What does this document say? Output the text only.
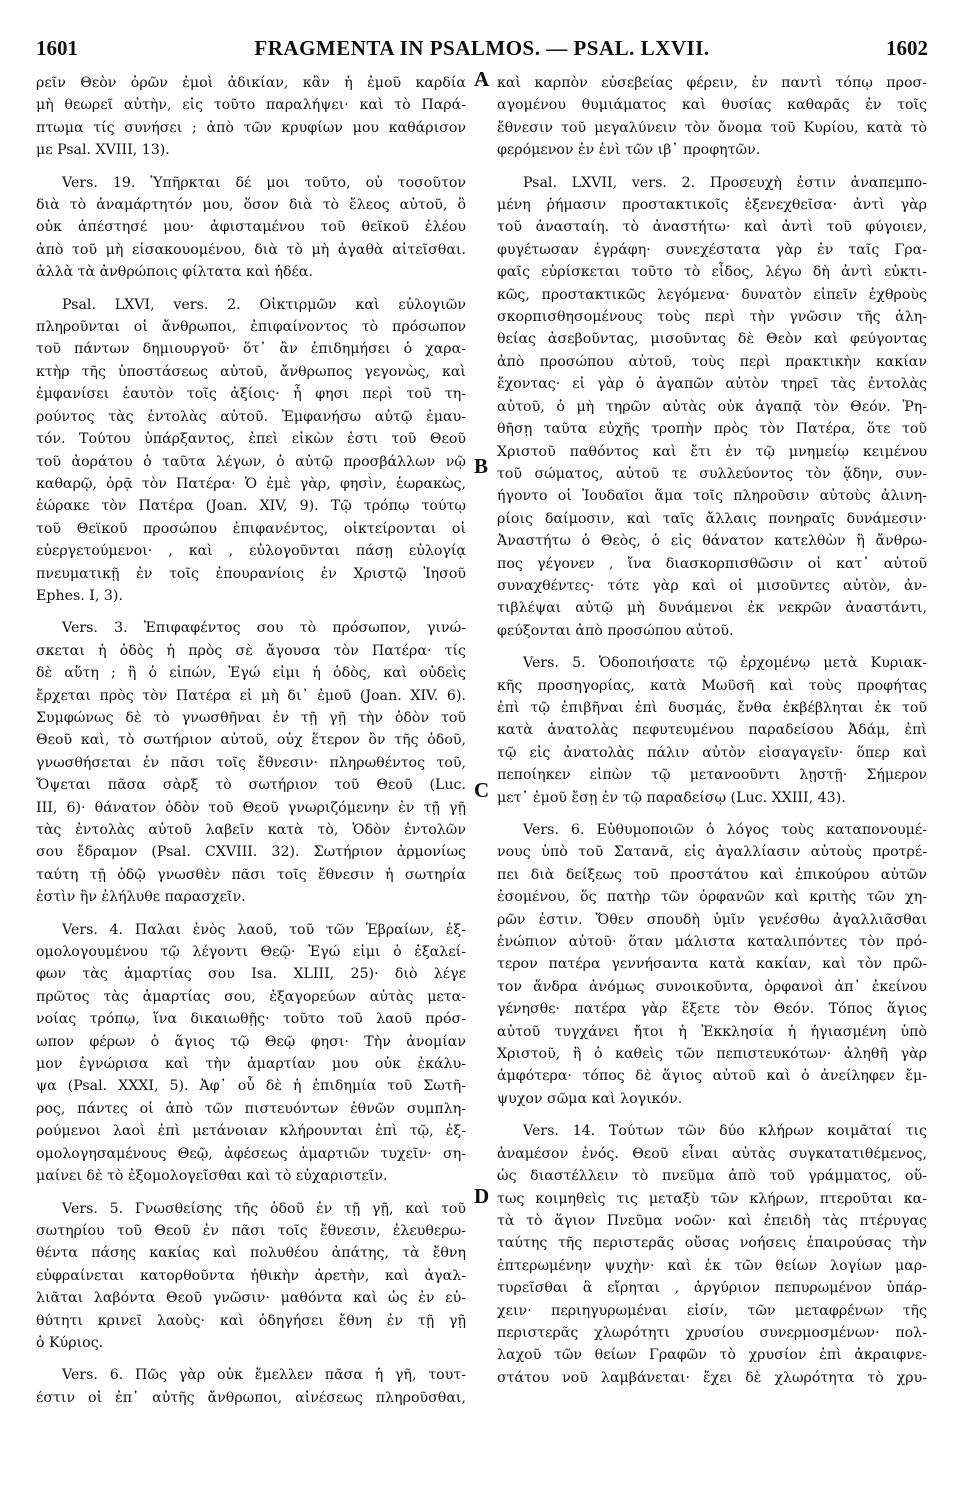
1601	FRAGMENTA IN PSALMOS. — PSAL. LXVII.	1602
ρεῖν Θεὸν ὀρῶν ἐμοὶ ἀδικίαν, κἂν ἡ ἐμοῦ καρδία
μὴ θεωρεῖ αὐτὴν, εἰς τοῦτο παραλήψει· καὶ τὸ Παρά-
πτωμα τίς συνήσει ; ἀπὸ τῶν κρυφίων μου καθάρισον
με Psal. XVIII, 13).
Vers. 19. Ὑπῆρκται δέ μοι τοῦτο, οὐ τοσοῦτον
διὰ τὸ ἀναμάρτητόν μου, ὅσον διὰ τὸ ἔλεος αὐτοῦ, ὃ
οὐκ ἀπέστησέ μου· ἀφισταμένου τοῦ θεϊκοῦ ἐλέου
ἀπὸ τοῦ μὴ εἰσακουομένου, διὰ τὸ μὴ ἀγαθὰ αἰτεῖσθαι.
ἀλλὰ τὰ ἀνθρώποις φίλτατα καὶ ἡδέα.
Psal. LXVI, vers. 2. Οἰκτιρμῶν καὶ εὐλογιῶν
πληροῦνται οἱ ἄνθρωποι, ἐπιφαίνοντος τὸ πρόσωπον
τοῦ πάντων δημιουργοῦ· ὅτ᾽ ἂν ἐπιδημήσει ὁ χαρα-
κτὴρ τῆς ὑποστάσεως αὐτοῦ, ἄνθρωπος γεγονὼς, καὶ
ἐμφανίσει ἑαυτὸν τοῖς ἀξίοις· ἧ φησι περὶ τοῦ τη-
ρούντος τὰς ἐντολὰς αὐτοῦ. Ἐμφανήσω αὐτῷ ἐμαυ-
τόν. Τούτου ὑπάρξαντος, ἐπεὶ εἰκὼν ἐστι τοῦ Θεοῦ
τοῦ ἀοράτου ὁ ταῦτα λέγων, ὁ αὐτῷ προσβάλλων νῷ
καθαρῷ, ὁρᾷ τὸν Πατέρα· Ὁ ἐμὲ γὰρ, φησὶν, ἑωρακὼς,
ἑώρακε τὸν Πατέρα (Joan. XIV, 9). Τῷ τρόπῳ τούτῳ
τοῦ Θεϊκοῦ προσώπου ἐπιφανέντος, οἰκτείρονται οἱ
εὐεργετούμενοι· , καὶ , εὐλογοῦνται πάσῃ εὐλογίᾳ
πνευματικῇ ἐν τοῖς ἐπουρανίοις ἐν Χριστῷ Ἰησοῦ
Ephes. I, 3).
Vers. 3. Ἐπιφαφέντος σου τὸ πρόσωπον, γινώ-
σκεται ἡ ὁδὸς ἡ πρὸς σὲ ἄγουσα τὸν Πατέρα· τίς
δὲ αὕτη ; ἢ ὁ εἰπών, Ἐγώ εἰμι ἡ ὁδὸς, καὶ οὐδεὶς
ἔρχεται πρὸς τὸν Πατέρα εἰ μὴ δι᾽ ἐμοῦ (Joan. XIV. 6).
Συμφώνως δὲ τὸ γνωσθῆναι ἐν τῇ γῇ τὴν ὁδὸν τοῦ
Θεοῦ καὶ, τὸ σωτήριον αὐτοῦ, οὐχ ἕτερον ὂν τῆς ὁδοῦ,
γνωσθήσεται ἐν πᾶσι τοῖς ἔθνεσιν· πληρωθέντος τοῦ,
Ὄψεται πᾶσα σὰρξ τὸ σωτήριον τοῦ Θεοῦ (Luc.
III, 6)· θάνατον ὁδὸν τοῦ Θεοῦ γνωριζόμενην ἐν τῇ γῇ
τὰς ἐντολὰς αὐτοῦ λαβεῖν κατὰ τὸ, Ὁδὸν ἐντολῶν
σου ἔδραμον (Psal. CXVIII. 32). Σωτήριον ἁρμονίως
ταύτη τῇ ὁδῷ γνωσθὲν πᾶσι τοῖς ἔθνεσιν ἡ σωτηρία
ἐστὶν ἣν ἐλήλυθε παρασχεῖν.
Vers. 4. Παλαι ἑνὸς λαοῦ, τοῦ τῶν Ἑβραίων, ἐξ-
ομολογουμένου τῷ λέγοντι Θεῷ· Ἐγώ εἰμι ὁ ἐξαλεί-
φων τὰς ἁμαρτίας σου Isa. XLIII, 25)· διὸ λέγε
πρῶτος τὰς ἁμαρτίας σου, ἐξαγορεύων αὐτὰς μετα-
νοίας τρόπῳ, ἵνα δικαιωθῇς· τοῦτο τοῦ λαοῦ πρόσ-
ωπον φέρων ὁ ἅγιος τῷ Θεῷ φησι· Τὴν ἀνομίαν
μον ἐγνώρισα καὶ τὴν ἁμαρτίαν μου οὐκ ἐκάλυ-
ψα (Psal. XXXI, 5). Ἀφ᾽ οὗ δὲ ἡ ἐπιδημία τοῦ Σωτῆ-
ρος, πάντες οἱ ἀπὸ τῶν πιστευόντων ἐθνῶν συμπλη-
ρούμενοι λαοὶ ἐπὶ μετάνοιαν κλήρουνται ἐπὶ τῷ, ἐξ-
ομολογησαμένους Θεῷ, ἀφέσεως ἁμαρτιῶν τυχεῖν· ση-
μαίνει δὲ τὸ ἐξομολογεῖσθαι καὶ τὸ εὐχαριστεῖν.
Vers. 5. Γνωσθείσης τῆς ὁδοῦ ἐν τῇ γῇ, καὶ τοῦ
σωτηρίου τοῦ Θεοῦ ἐν πᾶσι τοῖς ἔθνεσιν, ἐλευθερω-
θέντα πάσης κακίας καὶ πολυθέου ἀπάτης, τὰ ἔθνη
εὐφραίνεται κατορθοῦντα ἠθικὴν ἀρετὴν, καὶ ἀγαλ-
λιᾶται λαβόντα Θεοῦ γνῶσιν· μαθόντα καὶ ὡς ἐν εὐ-
θύτητι κρινεῖ λαοὺς· καὶ ὁδηγήσει ἔθνη ἐν τῇ γῇ
ὁ Κύριος.
Vers. 6. Πῶς γὰρ οὐκ ἔμελλεν πᾶσα ἡ γῆ, τουτ-
έστιν οἱ ἐπ᾽ αὐτῆς ἄνθρωποι, αἰνέσεως πληροῦσθαι,
καὶ καρπὸν εὐσεβείας φέρειν, ἐν παντὶ τόπῳ προσ-
αγομένου θυμιάματος καὶ θυσίας καθαρᾶς ἐν τοῖς
ἔθνεσιν τοῦ μεγαλύνειν τὸν ὄνομα τοῦ Κυρίου, κατὰ τὸ
φερόμενον ἐν ἑνὶ τῶν ιβ᾽ προφητῶν.
Psal. LXVII, vers. 2. Προσευχὴ ἐστιν ἀναπεμπο-
μένη ῥήμασιν προστακτικοῖς ἐξενεχθεῖσα· ἀντὶ γὰρ
τοῦ ἀνασταίη. τὸ ἀναστήτω· καὶ ἀντὶ τοῦ φύγοιεν,
φυγέτωσαν ἐγράφη· συνεχέστατα γὰρ ἐν ταῖς Γρα-
φαῖς εὑρίσκεται τοῦτο τὸ εἶδος, λέγω δὴ ἀντὶ εὐκτι-
κῶς, προστακτικῶς λεγόμενα· δυνατὸν εἰπεῖν ἐχθροὺς
σκορπισθησομένους τοὺς περὶ τὴν γνῶσιν τῆς ἀλη-
θείας ἀσεβοῦντας, μισοῦντας δὲ Θεὸν καὶ φεύγοντας
ἀπὸ προσώπου αὐτοῦ, τοὺς περὶ πρακτικὴν κακίαν
ἔχοντας· εἰ γὰρ ὁ ἀγαπῶν αὐτὸν τηρεῖ τὰς ἐντολὰς
αὐτοῦ, ὁ μὴ τηρῶν αὐτὰς οὐκ ἀγαπᾷ τὸν Θεόν. Ῥη-
θῆσῃ ταῦτα εὐχῆς τροπὴν πρὸς τὸν Πατέρα, ὅτε τοῦ
Χριστοῦ παθόντος καὶ ἔτι ἐν τῷ μνημείῳ κειμένου
τοῦ σώματος, αὐτοῦ τε συλλεύοντος τὸν ᾅδην, συν-
ήγοντο οἱ Ἰουδαῖοι ἅμα τοῖς πληροῦσιν αὐτοὺς ἀλινη-
ρίοις δαίμοσιν, καὶ ταῖς ἄλλαις πονηραῖς δυνάμεσιν·
Ἀναστήτω ὁ Θεὸς, ὁ εἰς θάνατον κατελθὼν ἢ ἄνθρω-
πος γέγονεν , ἵνα διασκορπισθῶσιν οἱ κατ᾽ αὐτοῦ
συναχθέντες· τότε γὰρ καὶ οἱ μισοῦντες αὐτὸν, ἀν-
τιβλέψαι αὐτῷ μὴ δυνάμενοι ἐκ νεκρῶν ἀναστάντι,
φεύξονται ἀπὸ προσώπου αὐτοῦ.
Vers. 5. Ὁδοποιήσατε τῷ ἐρχομένῳ μετὰ Κυριακ-
κῆς προσηγορίας, κατὰ Μωϋσῆ καὶ τοὺς προφήτας
ἐπὶ τῷ ἐπιβῆναι ἐπὶ δυσμάς, ἔνθα ἐκβέβληται ἐκ τοῦ
κατὰ ἀνατολὰς πεφυτευμένου παραδείσου Ἀδάμ, ἐπὶ
τῷ εἰς ἀνατολὰς πάλιν αὐτὸν εἰσαγαγεῖν· ὅπερ καὶ
πεποίηκεν εἰπὼν τῷ μετανοοῦντι λῃστῇ· Σήμερον
μετ᾽ ἐμοῦ ἔσῃ ἐν τῷ παραδείσῳ (Luc. XXIII, 43).
Vers. 6. Εὐθυμοποιῶν ὁ λόγος τοὺς καταπονουμέ-
νους ὑπὸ τοῦ Σατανᾶ, εἰς ἀγαλλίασιν αὐτοὺς προτρέ-
πει διὰ δείξεως τοῦ προστάτου καὶ ἐπικούρου αὐτῶν
ἐσομένου, ὅς πατὴρ τῶν ὀρφανῶν καὶ κριτὴς τῶν χη-
ρῶν ἐστιν. Ὅθεν σπουδὴ ὑμῖν γενέσθω ἀγαλλιᾶσθαι
ἐνώπιον αὐτοῦ· ὅταν μάλιστα καταλιπόντες τὸν πρό-
τερον πατέρα γεννήσαντα κατὰ κακίαν, καὶ τὸν πρῶ-
τον ἄνδρα ἀνόμως συνοικοῦντα, ὀρφανοὶ ἀπ᾽ ἐκείνου
γένησθε· πατέρα γὰρ ἕξετε τὸν Θεόν. Τόπος ἅγιος
αὐτοῦ τυγχάνει ἤτοι ἡ Ἐκκλησία ἡ ἡγιασμένη ὑπὸ
Χριστοῦ, ἢ ὁ καθεὶς τῶν πεπιστευκότων· ἀληθῆ γὰρ
ἀμφότερα· τόπος δὲ ἅγιος αὐτοῦ καὶ ὁ ἀνείληφεν ἔμ-
ψυχον σῶμα καὶ λογικόν.
Vers. 14. Τούτων τῶν δύο κλήρων κοιμᾶταί τις
ἀναμέσον ἐνός. Θεοῦ εἶναι αὐτὰς συγκατατιθέμενος,
ὡς διαστέλλειν τὸ πνεῦμα ἀπὸ τοῦ γράμματος, οὕ-
τως κοιμηθεὶς τις μεταξὺ τῶν κλήρων, πτεροῦται κα-
τὰ τὸ ἅγιον Πνεῦμα νοῶν· καὶ ἐπειδὴ τὰς πτέρυγας
ταύτης τῆς περιστερᾶς οὔσας νοήσεις ἐπαιρούσας τὴν
ἐπτερωμένην ψυχὴν· καὶ ἐκ τῶν θείων λογίων μαρ-
τυρεῖσθαι ἃ εἴρηται , ἀργύριον πεπυρωμένον ὑπάρ-
χειν· περιηγυρωμέναι εἰσίν, τῶν μεταφρένων τῆς
περιστερᾶς χλωρότητι χρυσίου συνερμοσμένων· πολ-
λαχοῦ τῶν θείων Γραφῶν τὸ χρυσίον ἐπὶ ἀκραιφνε-
στάτου νοῦ λαμβάνεται· ἔχει δὲ χλωρότητα τὸ χρυ-
A
B
C
D
